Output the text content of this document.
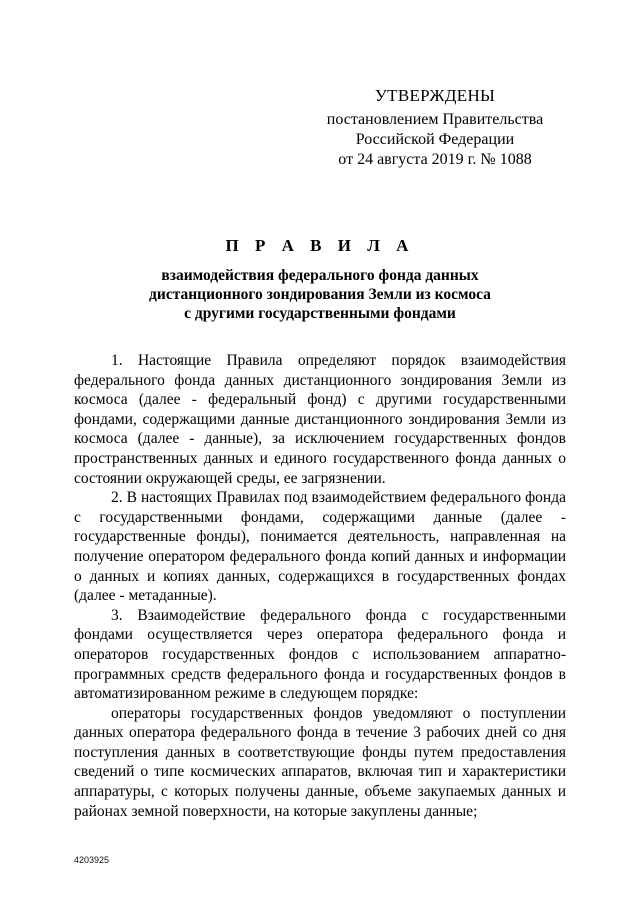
УТВЕРЖДЕНЫ
постановлением Правительства
Российской Федерации
от 24 августа 2019 г. № 1088
П Р А В И Л А
взаимодействия федерального фонда данных
дистанционного зондирования Земли из космоса
с другими государственными фондами

1. Настоящие Правила определяют порядок взаимодействия федерального фонда данных дистанционного зондирования Земли из космоса (далее - федеральный фонд) с другими государственными фондами, содержащими данные дистанционного зондирования Земли из космоса (далее - данные), за исключением государственных фондов пространственных данных и единого государственного фонда данных о состоянии окружающей среды, ее загрязнении.

2. В настоящих Правилах под взаимодействием федерального фонда с государственными фондами, содержащими данные (далее - государственные фонды), понимается деятельность, направленная на получение оператором федерального фонда копий данных и информации о данных и копиях данных, содержащихся в государственных фондах (далее - метаданные).

3. Взаимодействие федерального фонда с государственными фондами осуществляется через оператора федерального фонда и операторов государственных фондов с использованием аппаратно-программных средств федерального фонда и государственных фондов в автоматизированном режиме в следующем порядке:

операторы государственных фондов уведомляют о поступлении данных оператора федерального фонда в течение 3 рабочих дней со дня поступления данных в соответствующие фонды путем предоставления сведений о типе космических аппаратов, включая тип и характеристики аппаратуры, с которых получены данные, объеме закупаемых данных и районах земной поверхности, на которые закуплены данные;

4203925
